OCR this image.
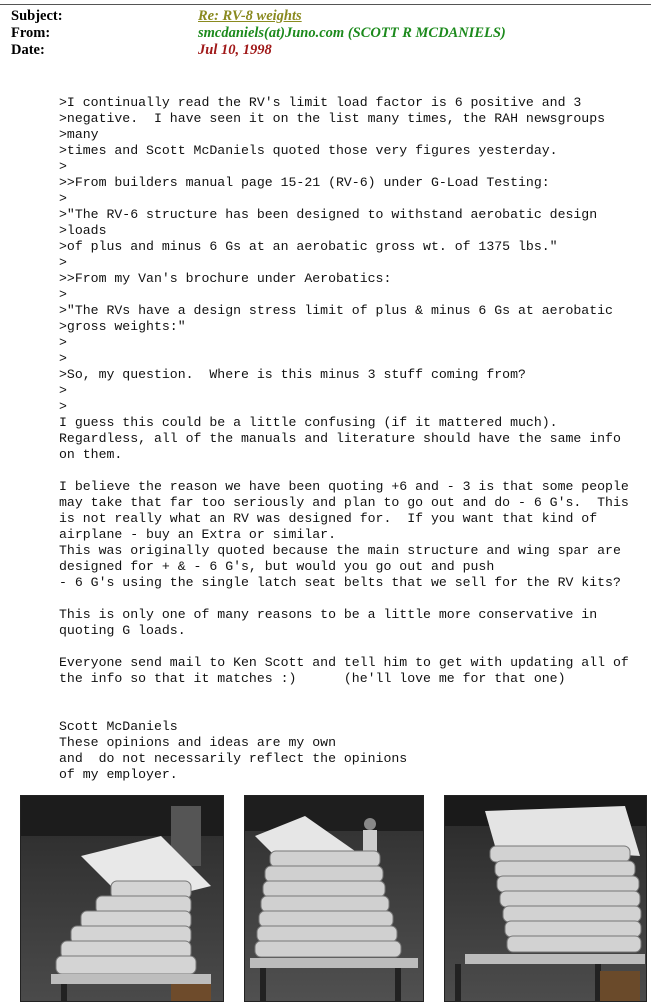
Subject:	Re: RV-8 weights
From:	smcdaniels(at)Juno.com (SCOTT R MCDANIELS)
Date:	Jul 10, 1998
>I continually read the RV's limit load factor is 6 positive and 3
>negative.  I have seen it on the list many times, the RAH newsgroups
>many
>times and Scott McDaniels quoted those very figures yesterday.
>
>>From builders manual page 15-21 (RV-6) under G-Load Testing:
>
>"The RV-6 structure has been designed to withstand aerobatic design
>loads
>of plus and minus 6 Gs at an aerobatic gross wt. of 1375 lbs."
>
>>From my Van's brochure under Aerobatics:
>
>"The RVs have a design stress limit of plus & minus 6 Gs at aerobatic
>gross weights:"
>
>
>So, my question.  Where is this minus 3 stuff coming from?
>
>
I guess this could be a little confusing (if it mattered much).
Regardless, all of the manuals and literature should have the same info
on them.
I believe the reason we have been quoting +6 and - 3 is that some people
may take that far too seriously and plan to go out and do - 6 G's.  This
is not really what an RV was designed for.  If you want that kind of
airplane - buy an Extra or similar.
This was originally quoted because the main structure and wing spar are
designed for + & - 6 G's, but would you go out and push
- 6 G's using the single latch seat belts that we sell for the RV kits?
This is only one of many reasons to be a little more conservative in
quoting G loads.
Everyone send mail to Ken Scott and tell him to get with updating all of
the info so that it matches :)      (he'll love me for that one)
Scott McDaniels
These opinions and ideas are my own
and  do not necessarily reflect the opinions
of my employer.
